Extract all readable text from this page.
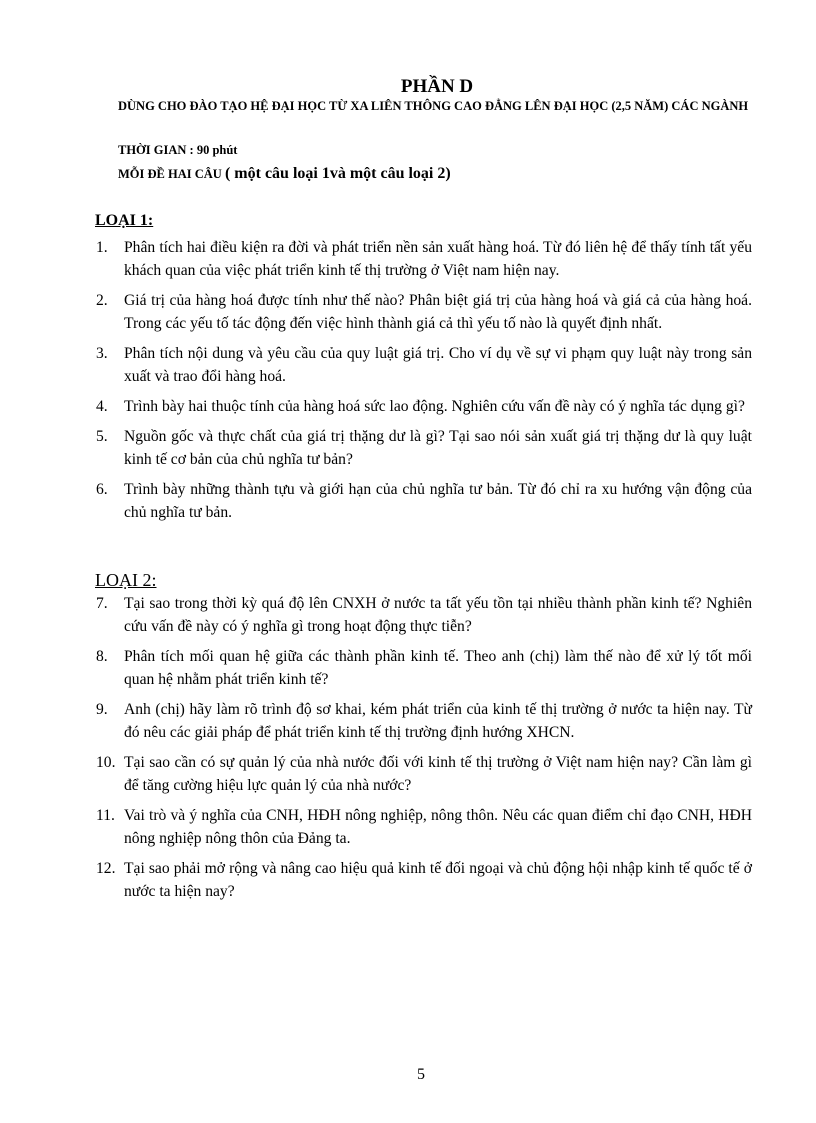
PHẦN D
DÙNG CHO ĐÀO TẠO HỆ ĐẠI HỌC TỪ XA LIÊN THÔNG CAO ĐẲNG LÊN ĐẠI HỌC (2,5 NĂM) CÁC NGÀNH
THỜI GIAN : 90 phút
MỖI ĐỀ HAI CÂU ( một câu loại 1và một câu loại 2)
LOẠI 1:
1.	Phân tích hai điều kiện ra đời và phát triển nền sản xuất hàng hoá. Từ đó liên hệ để thấy tính tất yếu khách quan của việc phát triển kinh tế thị trường ở Việt nam hiện nay.
2.	Giá trị của hàng hoá được tính như thế nào? Phân biệt giá trị của hàng hoá và giá cả của hàng hoá. Trong các yếu tố tác động đến việc hình thành giá cả thì yếu tố nào là quyết định nhất.
3.	Phân tích nội dung và yêu cầu của quy luật giá trị. Cho ví dụ về sự vi phạm quy luật này trong sản xuất và trao đổi hàng hoá.
4.	Trình bày hai thuộc tính của hàng hoá sức lao động. Nghiên cứu vấn đề này có ý nghĩa tác dụng gì?
5.	Nguồn gốc và thực chất của giá trị thặng dư là gì? Tại sao nói sản xuất giá trị thặng dư là quy luật kinh tế cơ bản của chủ nghĩa tư bản?
6.	Trình bày những thành tựu và giới hạn của chủ nghĩa tư bản. Từ đó chỉ ra xu hướng vận động của chủ nghĩa tư bản.
LOẠI 2:
7.	Tại sao trong thời kỳ quá độ lên CNXH ở nước ta tất yếu tồn tại nhiều thành phần kinh tế? Nghiên cứu vấn đề này có ý nghĩa gì trong hoạt động thực tiễn?
8.	Phân tích mối quan hệ giữa các thành phần kinh tế. Theo anh (chị) làm thế nào để xử lý tốt mối quan hệ nhằm phát triển kinh tế?
9.	Anh (chị) hãy làm rõ trình độ sơ khai, kém phát triển của kinh tế thị trường ở nước ta hiện nay. Từ đó nêu các giải pháp để phát triển kinh tế thị trường định hướng XHCN.
10. Tại sao cần có sự quản lý của nhà nước đối với kinh tế thị trường ở Việt nam hiện nay? Cần làm gì để tăng cường hiệu lực quản lý của nhà nước?
11. Vai trò và ý nghĩa của CNH, HĐH nông nghiệp, nông thôn. Nêu các quan điểm chỉ đạo CNH, HĐH nông nghiệp nông thôn của Đảng ta.
12. Tại sao phải mở rộng và nâng cao hiệu quả kinh tế đối ngoại và chủ động hội nhập kinh tế quốc tế ở nước ta hiện nay?
5
